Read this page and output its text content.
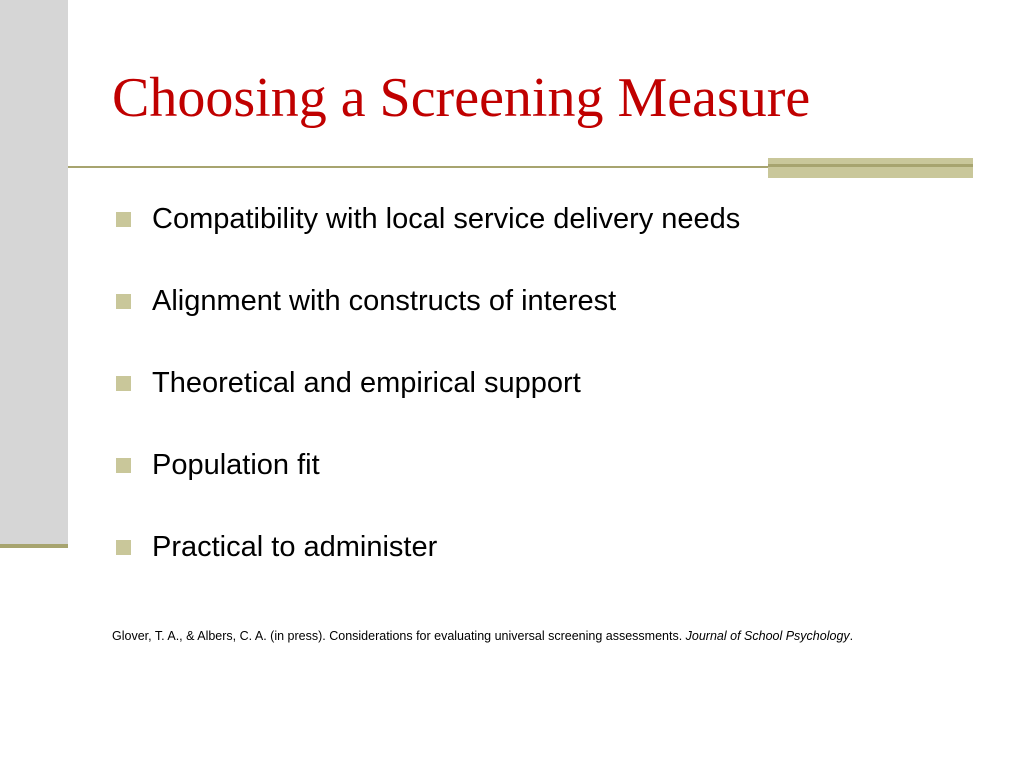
Choosing a Screening Measure
Compatibility with local service delivery needs
Alignment with constructs of interest
Theoretical and empirical support
Population fit
Practical to administer

Glover, T. A., & Albers, C. A. (in press). Considerations for evaluating universal screening assessments. Journal of School Psychology.
